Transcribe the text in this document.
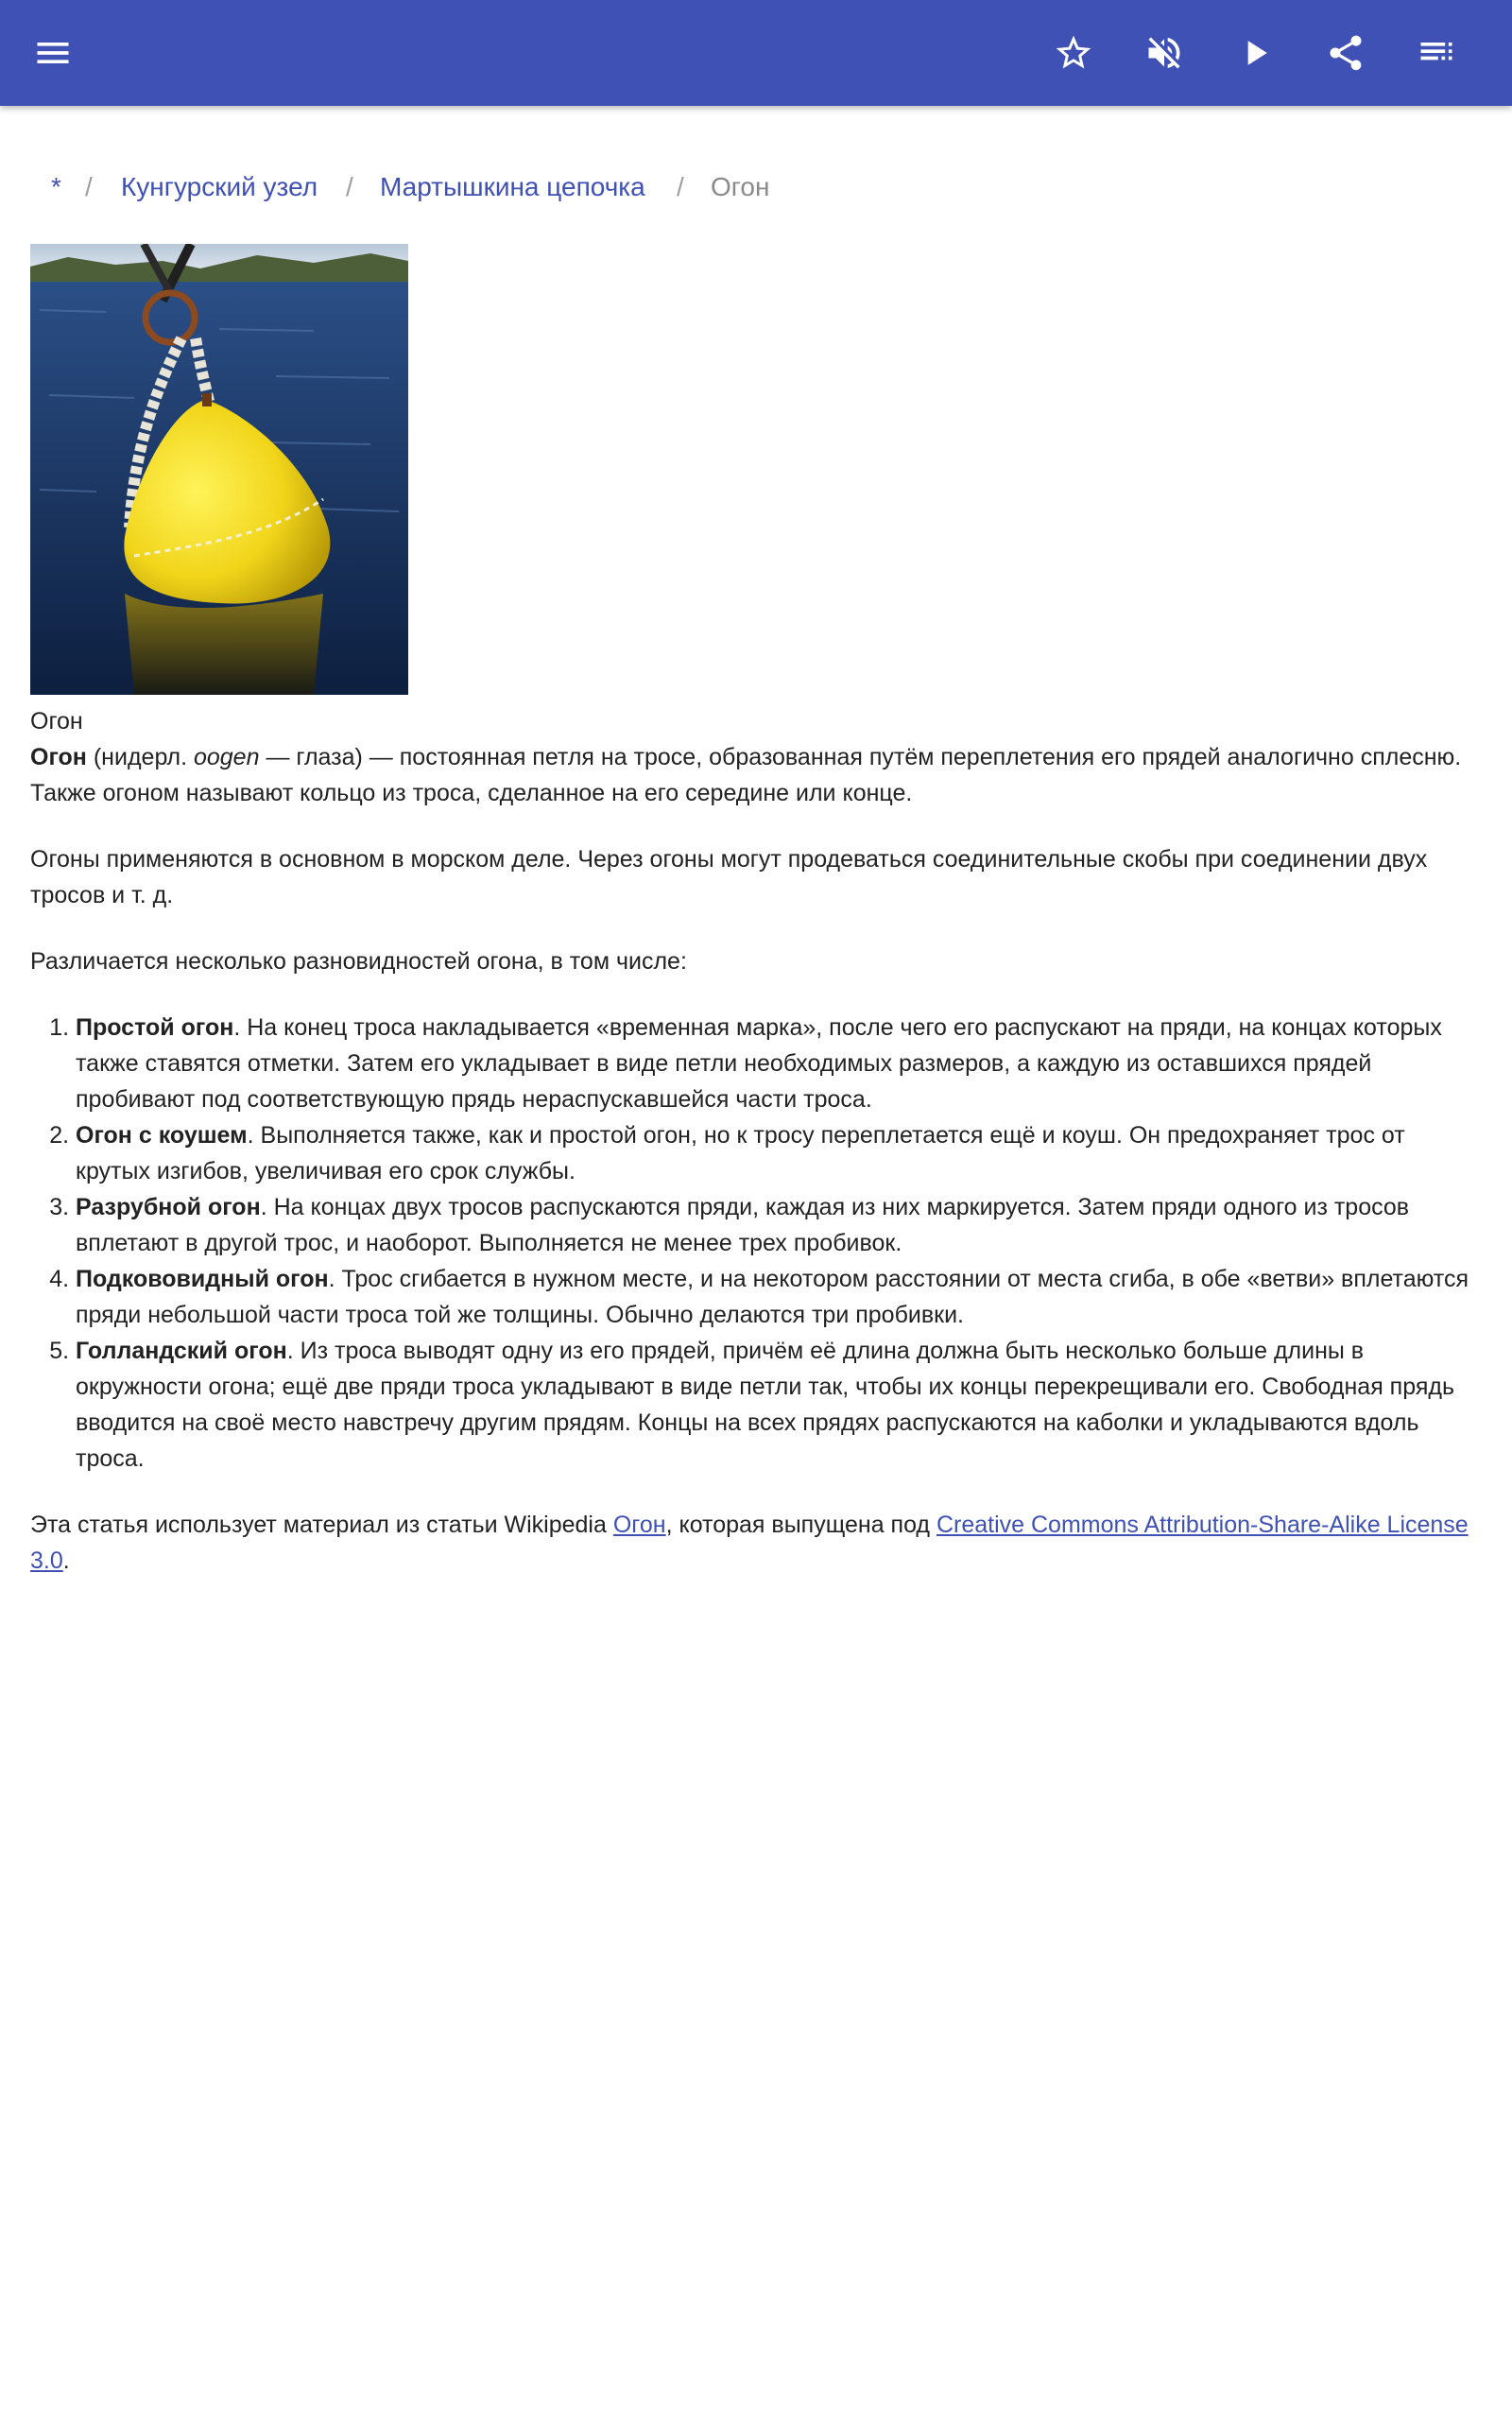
* / Кунгурский узел / Мартышкина цепочка / Огон

Огон

Огон (нидерл. oogen — глаза) — постоянная петля на тросе, образованная путём переплетения его прядей аналогично сплесню. Также огоном называют кольцо из троса, сделанное на его середине или конце.

Огоны применяются в основном в морском деле. Через огоны могут продеваться соединительные скобы при соединении двух тросов и т. д.

Различается несколько разновидностей огона, в том числе:

1. Простой огон. На конец троса накладывается «временная марка», после чего его распускают на пряди, на концах которых также ставятся отметки. Затем его укладывает в виде петли необходимых размеров, а каждую из оставшихся прядей пробивают под соответствующую прядь нераспускавшейся части троса.
2. Огон с коушем. Выполняется также, как и простой огон, но к тросу переплетается ещё и коуш. Он предохраняет трос от крутых изгибов, увеличивая его срок службы.
3. Разрубной огон. На концах двух тросов распускаются пряди, каждая из них маркируется. Затем пряди одного из тросов вплетают в другой трос, и наоборот. Выполняется не менее трех пробивок.
4. Подкововидный огон. Трос сгибается в нужном месте, и на некотором расстоянии от места сгиба, в обе «ветви» вплетаются пряди небольшой части троса той же толщины. Обычно делаются три пробивки.
5. Голландский огон. Из троса выводят одну из его прядей, причём её длина должна быть несколько больше длины в окружности огона; ещё две пряди троса укладывают в виде петли так, чтобы их концы перекрещивали его. Свободная прядь вводится на своё место навстречу другим прядям. Концы на всех прядях распускаются на каболки и укладываются вдоль троса.

Эта статья использует материал из статьи Wikipedia Огон, которая выпущена под Creative Commons Attribution-Share-Alike License 3.0.
